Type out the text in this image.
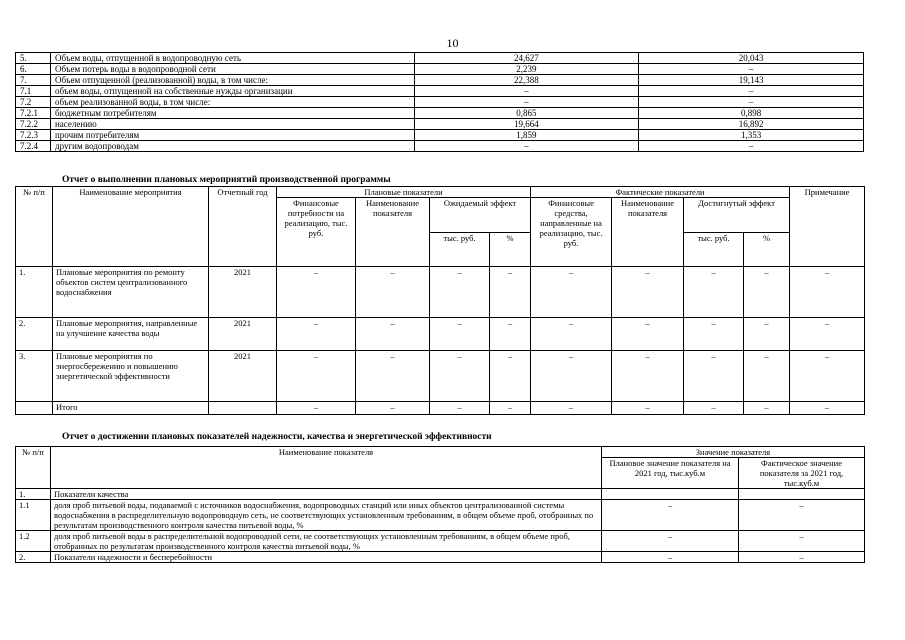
10
5.	Объем воды, отпущенной в водопроводную сеть	24,627	20,043
6.	Объем потерь воды в водопроводной сети	2,239	–
7.	Объем отпущенной (реализованной) воды, в том числе:	22,388	19,143
7.1	объем воды, отпущенной на собственные нужды организации	–	–
7.2	объем реализованной воды, в том числе:	–	–
7.2.1	бюджетным потребителям	0,865	0,898
7.2.2	населению	19,664	16,892
7.2.3	прочим потребителям	1,859	1,353
7.2.4	другим водопроводам	–	–
Отчет о выполнении плановых мероприятий производственной программы
№ п/п	Наименование мероприятия	Отчетный год	Плановые показатели				Фактические показатели				Примечание
			Финансовые потребности на реализацию, тыс. руб.	Наименование показателя	Ожидаемый эффект		Финансовые средства, направленные на реализацию, тыс. руб.	Наименование показателя	Достигнутый эффект		
					тыс. руб.	%			тыс. руб.	%	
1.	Плановые мероприятия по ремонту объектов систем централизованного водоснабжения	2021	–	–	–	–	–	–	–	–	–
2.	Плановые мероприятия, направленные на улучшение качества воды	2021	–	–	–	–	–	–	–	–	–
3.	Плановые мероприятия по энергосбережению и повышению энергетической эффективности	2021	–	–	–	–	–	–	–	–	–
	Итого		–	–	–	–	–	–	–	–	–
Отчет о достижении плановых показателей надежности, качества и энергетической эффективности
№ п/п	Наименование показателя	Значение показателя	
		Плановое значение показателя на 2021 год, тыс.куб.м	Фактическое значение показателя за 2021 год, тыс.куб.м
1.	Показатели качества		
1.1	доля проб питьевой воды, подаваемой с источников водоснабжения, водопроводных станций или иных объектов централизованной системы водоснабжения в распределительную водопроводную сеть, не соответствующих установленным требованиям, в общем объеме проб, отобранных по результатам производственного контроля качества питьевой воды, %	–	–
1.2	доля проб питьевой воды в распределительной водопроводной сети, не соответствующих установленным требованиям, в общем объеме проб, отобранных по результатам производственного контроля качества питьевой воды, %	–	–
2.	Показатели надежности и бесперебойности	–	–
